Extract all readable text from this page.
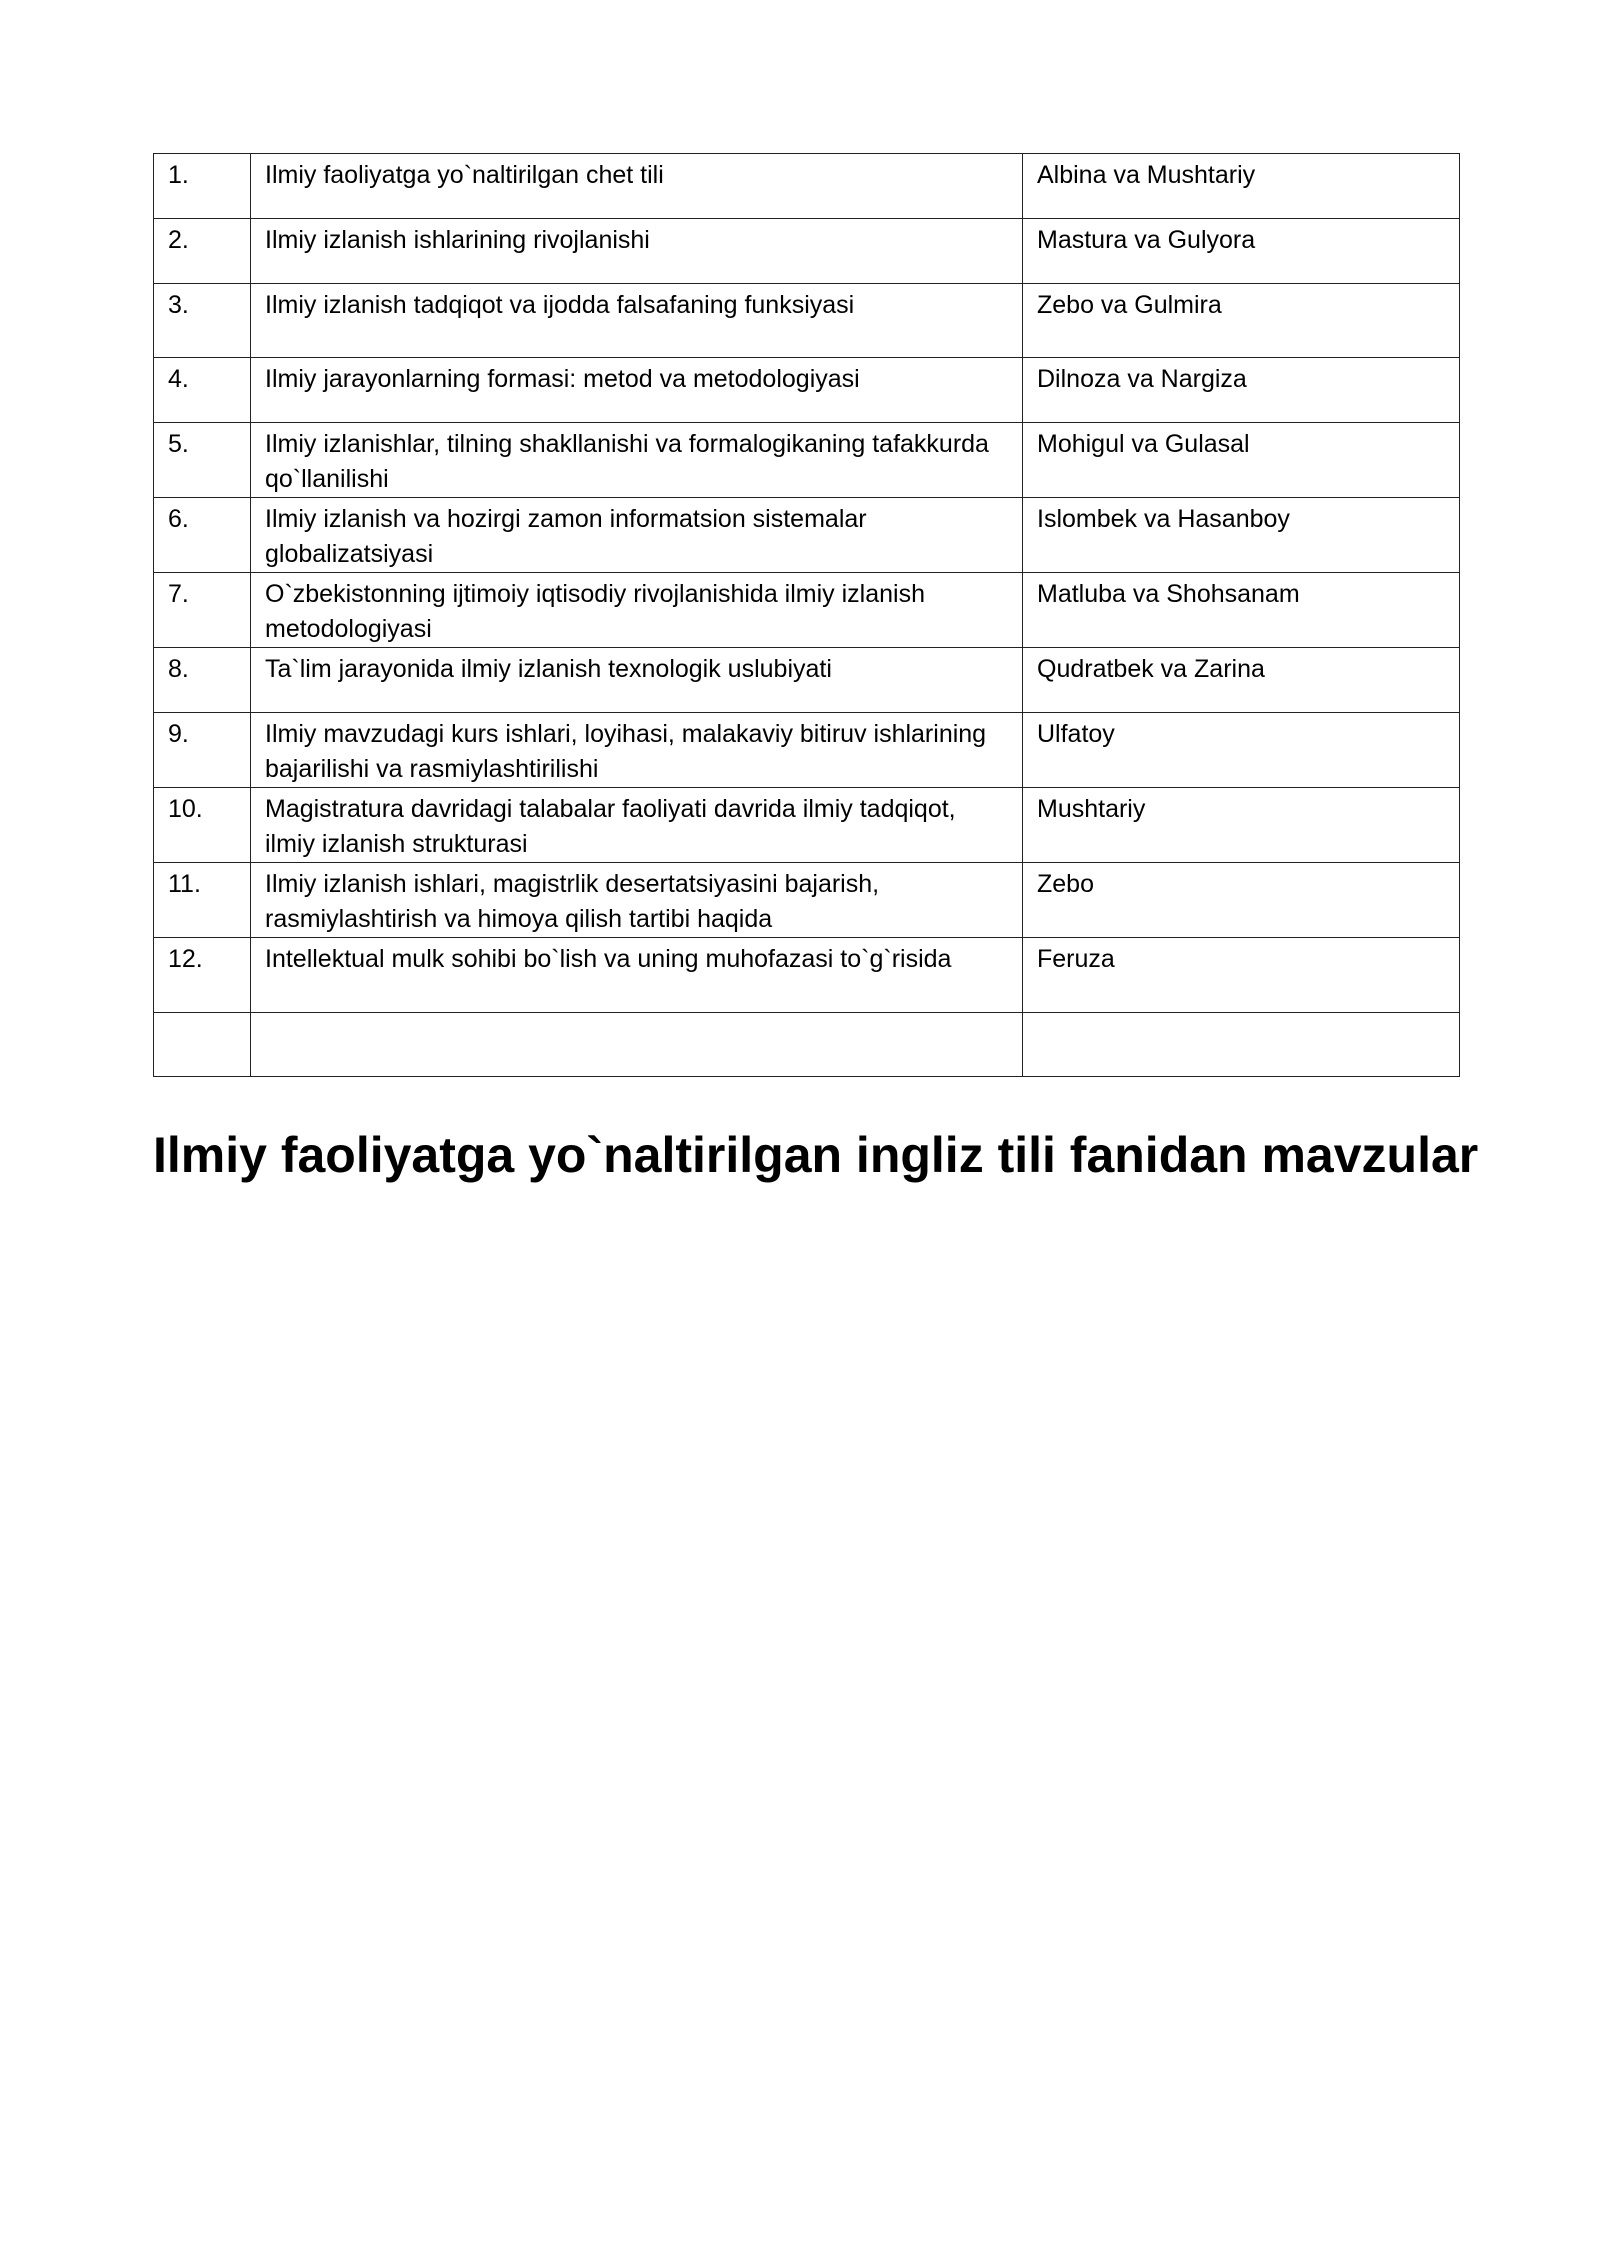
1.	Ilmiy faoliyatga yo`naltirilgan chet tili	Albina va Mushtariy
2.	Ilmiy izlanish ishlarining rivojlanishi	Mastura va Gulyora
3.	Ilmiy izlanish tadqiqot va ijodda falsafaning funksiyasi	Zebo va Gulmira
4.	Ilmiy jarayonlarning formasi: metod va metodologiyasi	Dilnoza va Nargiza
5.	Ilmiy izlanishlar, tilning shakllanishi va formalogikaning tafakkurda qo`llanilishi	Mohigul va Gulasal
6.	Ilmiy izlanish va hozirgi zamon informatsion sistemalar globalizatsiyasi	Islombek va Hasanboy
7.	O`zbekistonning ijtimoiy iqtisodiy rivojlanishida ilmiy izlanish metodologiyasi	Matluba va Shohsanam
8.	Ta`lim jarayonida ilmiy izlanish texnologik uslubiyati	Qudratbek va Zarina
9.	Ilmiy mavzudagi kurs ishlari, loyihasi, malakaviy bitiruv ishlarining bajarilishi va rasmiylashtirilishi	Ulfatoy
10.	Magistratura davridagi talabalar faoliyati davrida ilmiy tadqiqot, ilmiy izlanish strukturasi	Mushtariy
11.	Ilmiy izlanish ishlari, magistrlik desertatsiyasini bajarish, rasmiylashtirish va himoya qilish tartibi haqida	Zebo
12.	Intellektual mulk sohibi bo`lish va uning muhofazasi to`g`risida	Feruza

Ilmiy faoliyatga yo`naltirilgan ingliz tili fanidan mavzular
